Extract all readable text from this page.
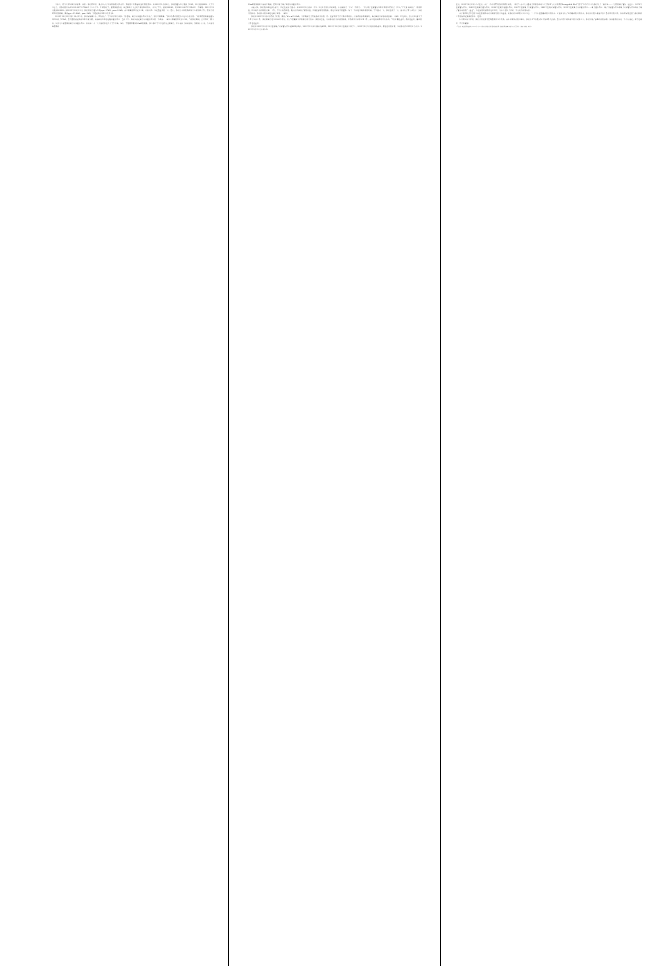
实际上，整个实验过程非常艰难、曲折。我们曾经用一张表记录了不同阶段的实验内容、采取的主要措施以及结果的变化。从2010年1月到4月，我们的霍尔电子做到了10Ω，11月做到80Ω。大半年过去了，离我们的目标25812.807557Ω还差十万八千里。年轻的同学，如果换做你们，还会继续干下去吗？我们继续努力，又过了半年，做到3000Ω，离25812.807557Ω还差一个量级。2011年12月做到4000Ω；到2012年10月12日，我们看到了霍尔电阻ρyx~17kΩ，ρxx~18kΩ，而且测量的温度是1.5K，不算太低。这是最重要的一天。最后，我们与中科院物理所吕力研究组合作，得到了更低温度的测量，测到ρyx~25.8kΩ，ρxx~2kΩ，关键是纵向电阻几乎变为0。

2012年10月12日晚上10点35分，我回家刚停下车，短信到了。学生常翠祖告诉我：“薛老师，量子反常霍尔效应出来了，等待详细测量。”我几乎都不知道自己是怎么锁车的。当时测得的数据是霍尔电阻达到了17kΩ，最关键的就是纵向电阻出现下降，以前纵向电阻总是随着霍尔效应一直在上升。所以这就是量子反常霍尔效应的一个迹象。（图1）测量的温度为1.5K，当时我们想到，只要温度一降下来，应该马上就能测到量子反常霍尔效应。所以第二天一大早就联系复旦大学李世燕，他有一台能降温降到10mK的仪器，我立即让学生打包样品去测量了，但中间由于种种原因，没测到。后来，吕力就用他能降到

20mK的仪器加上前两个数据，最终实现了量子化的反常霍尔效应。

由此可见，我们的历程是多么艰辛，但是也充满了激动。从2010年1月到第二年2、3月几乎没有任何进展，中间碰到了一个又一个难关。一年后终于发现霍尔电阻开始明显增加了，但过了半年多又碰到了一系列难题，经过师生们不断的讨论、工作，半年后取得进展，随后再次碰到了新的问题，出现很多研究的瓶颈，那是非常艰辛的跋涉。每当一个问题出现转机的时候，学生激动一下，我们也高兴一下，就又有了勇气进行下一步艰苦的探索。我们奋斗的历程也是量子化的。（图2）

我们在2012年12月6日得到了结果，测到了h/e²=25.8kΩ，实验数据完美得就像画出来的一样。很多国外学者开始不敢相信，后来看到原始数据时，他们感到非常惊讶和钦佩。（图3）3年多来，先后有20多个学生参与这项工作，我们测量了超过1000个样品，用了5套精密实验仪器与相关技术。我的体会是，尽管我们有非常好的仪器，但仍然要非常努力地工作，而且遇到困难时要有信心，坚持不懈很重要，勤奋很重要，精诚的合作也很重要。

我们在2012年10月12日发现量子反常霍尔效应(QAHE)迹象，2012年12月6日确认QAHE，2012年12月21日投稿到《科学》，2013年2月5日收到审稿意见，都是很高的评价，这使我们开心地度过了春节。2013年3月15日文章在线

发表，2013年4月13日正式发表。由于三个评审给出的评价都非常高，《科学》杂志专门邀请美国新泽西州立大学物理与天文系教授Seongshik Oh在“展望”这个栏目中为我们写了一篇评述——《完整的量子霍尔三重奏》。1879年发现霍尔效应，1980年发现量子霍尔效应，2004年发现自旋霍尔效应，2007年发现量子自旋霍尔效应，1881年发现反常霍尔效应，2012年发现量子反常霍尔效应……量子霍尔效应、量子自旋霍尔效应和量子反常霍尔效应组成了量子霍尔家族的“三重奏”，这其间的时间跨度是133年，基本上超过了任何一个人类个体的寿命。

由于我国经济社会的全面发展和国家对基础研究的日益重视，使我们有足够的实力在过去一二十年中发展精密的实验技术。正是因为有了这样精密的实验技术，我们才有能力挑战世界上最有难度的实验，所以国家的发展与我们科研工作的前途是紧密联系在一起的。

在开始这项实验时，我们并没有期望最终能测出这个结果；而在不断探索的过程中，我们日益坚信能对这个领域作出贡献；最后在整个团队师生的共同努力下，我们实现了意想不到的成绩。所以如果再补充一个启示就是，科学也需要一些冒险精神。

（全文完。本文根据薛其坤院士2013年4月27日做客清华论坛所作报告编辑整理。编辑整理/程曦 张硕 向小雨 贾曹宇 马逸昕 韩靖北 周诗宇）
